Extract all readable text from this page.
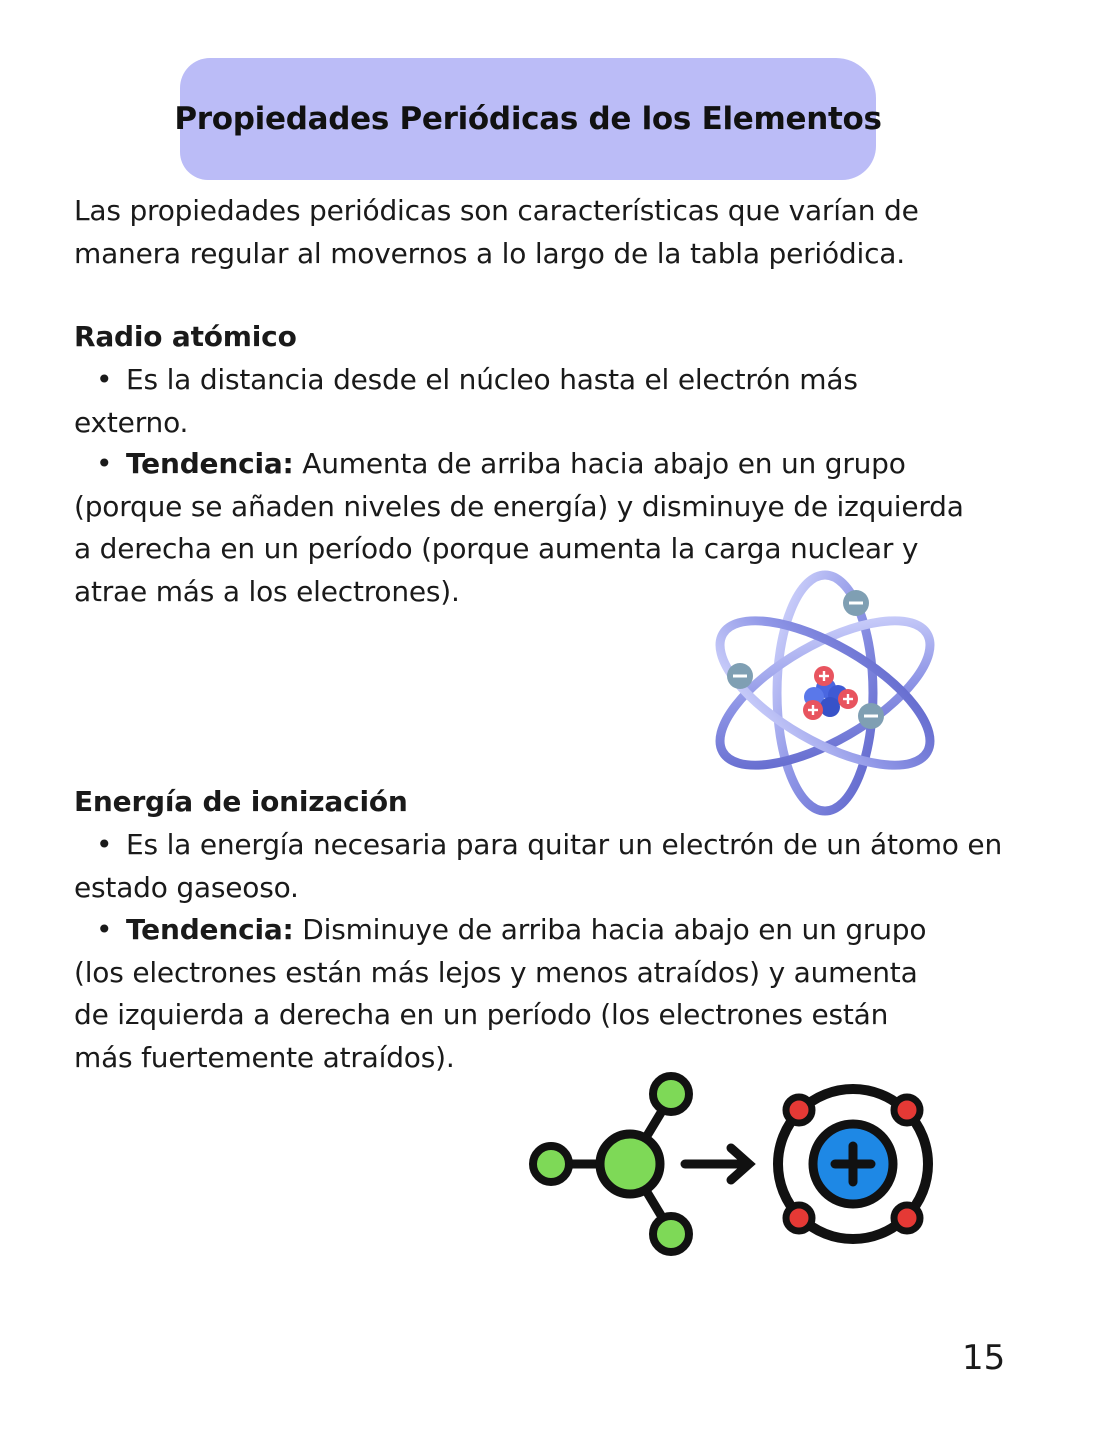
Propiedades Periódicas de los Elementos

Las propiedades periódicas son características que varían de manera regular al movernos a lo largo de la tabla periódica.

Radio atómico

• Es la distancia desde el núcleo hasta el electrón más externo.

• Tendencia: Aumenta de arriba hacia abajo en un grupo (porque se añaden niveles de energía) y disminuye de izquierda a derecha en un período (porque aumenta la carga nuclear y atrae más a los electrones).

Energía de ionización

• Es la energía necesaria para quitar un electrón de un átomo en estado gaseoso.

• Tendencia: Disminuye de arriba hacia abajo en un grupo (los electrones están más lejos y menos atraídos) y aumenta de izquierda a derecha en un período (los electrones están más fuertemente atraídos).

15
